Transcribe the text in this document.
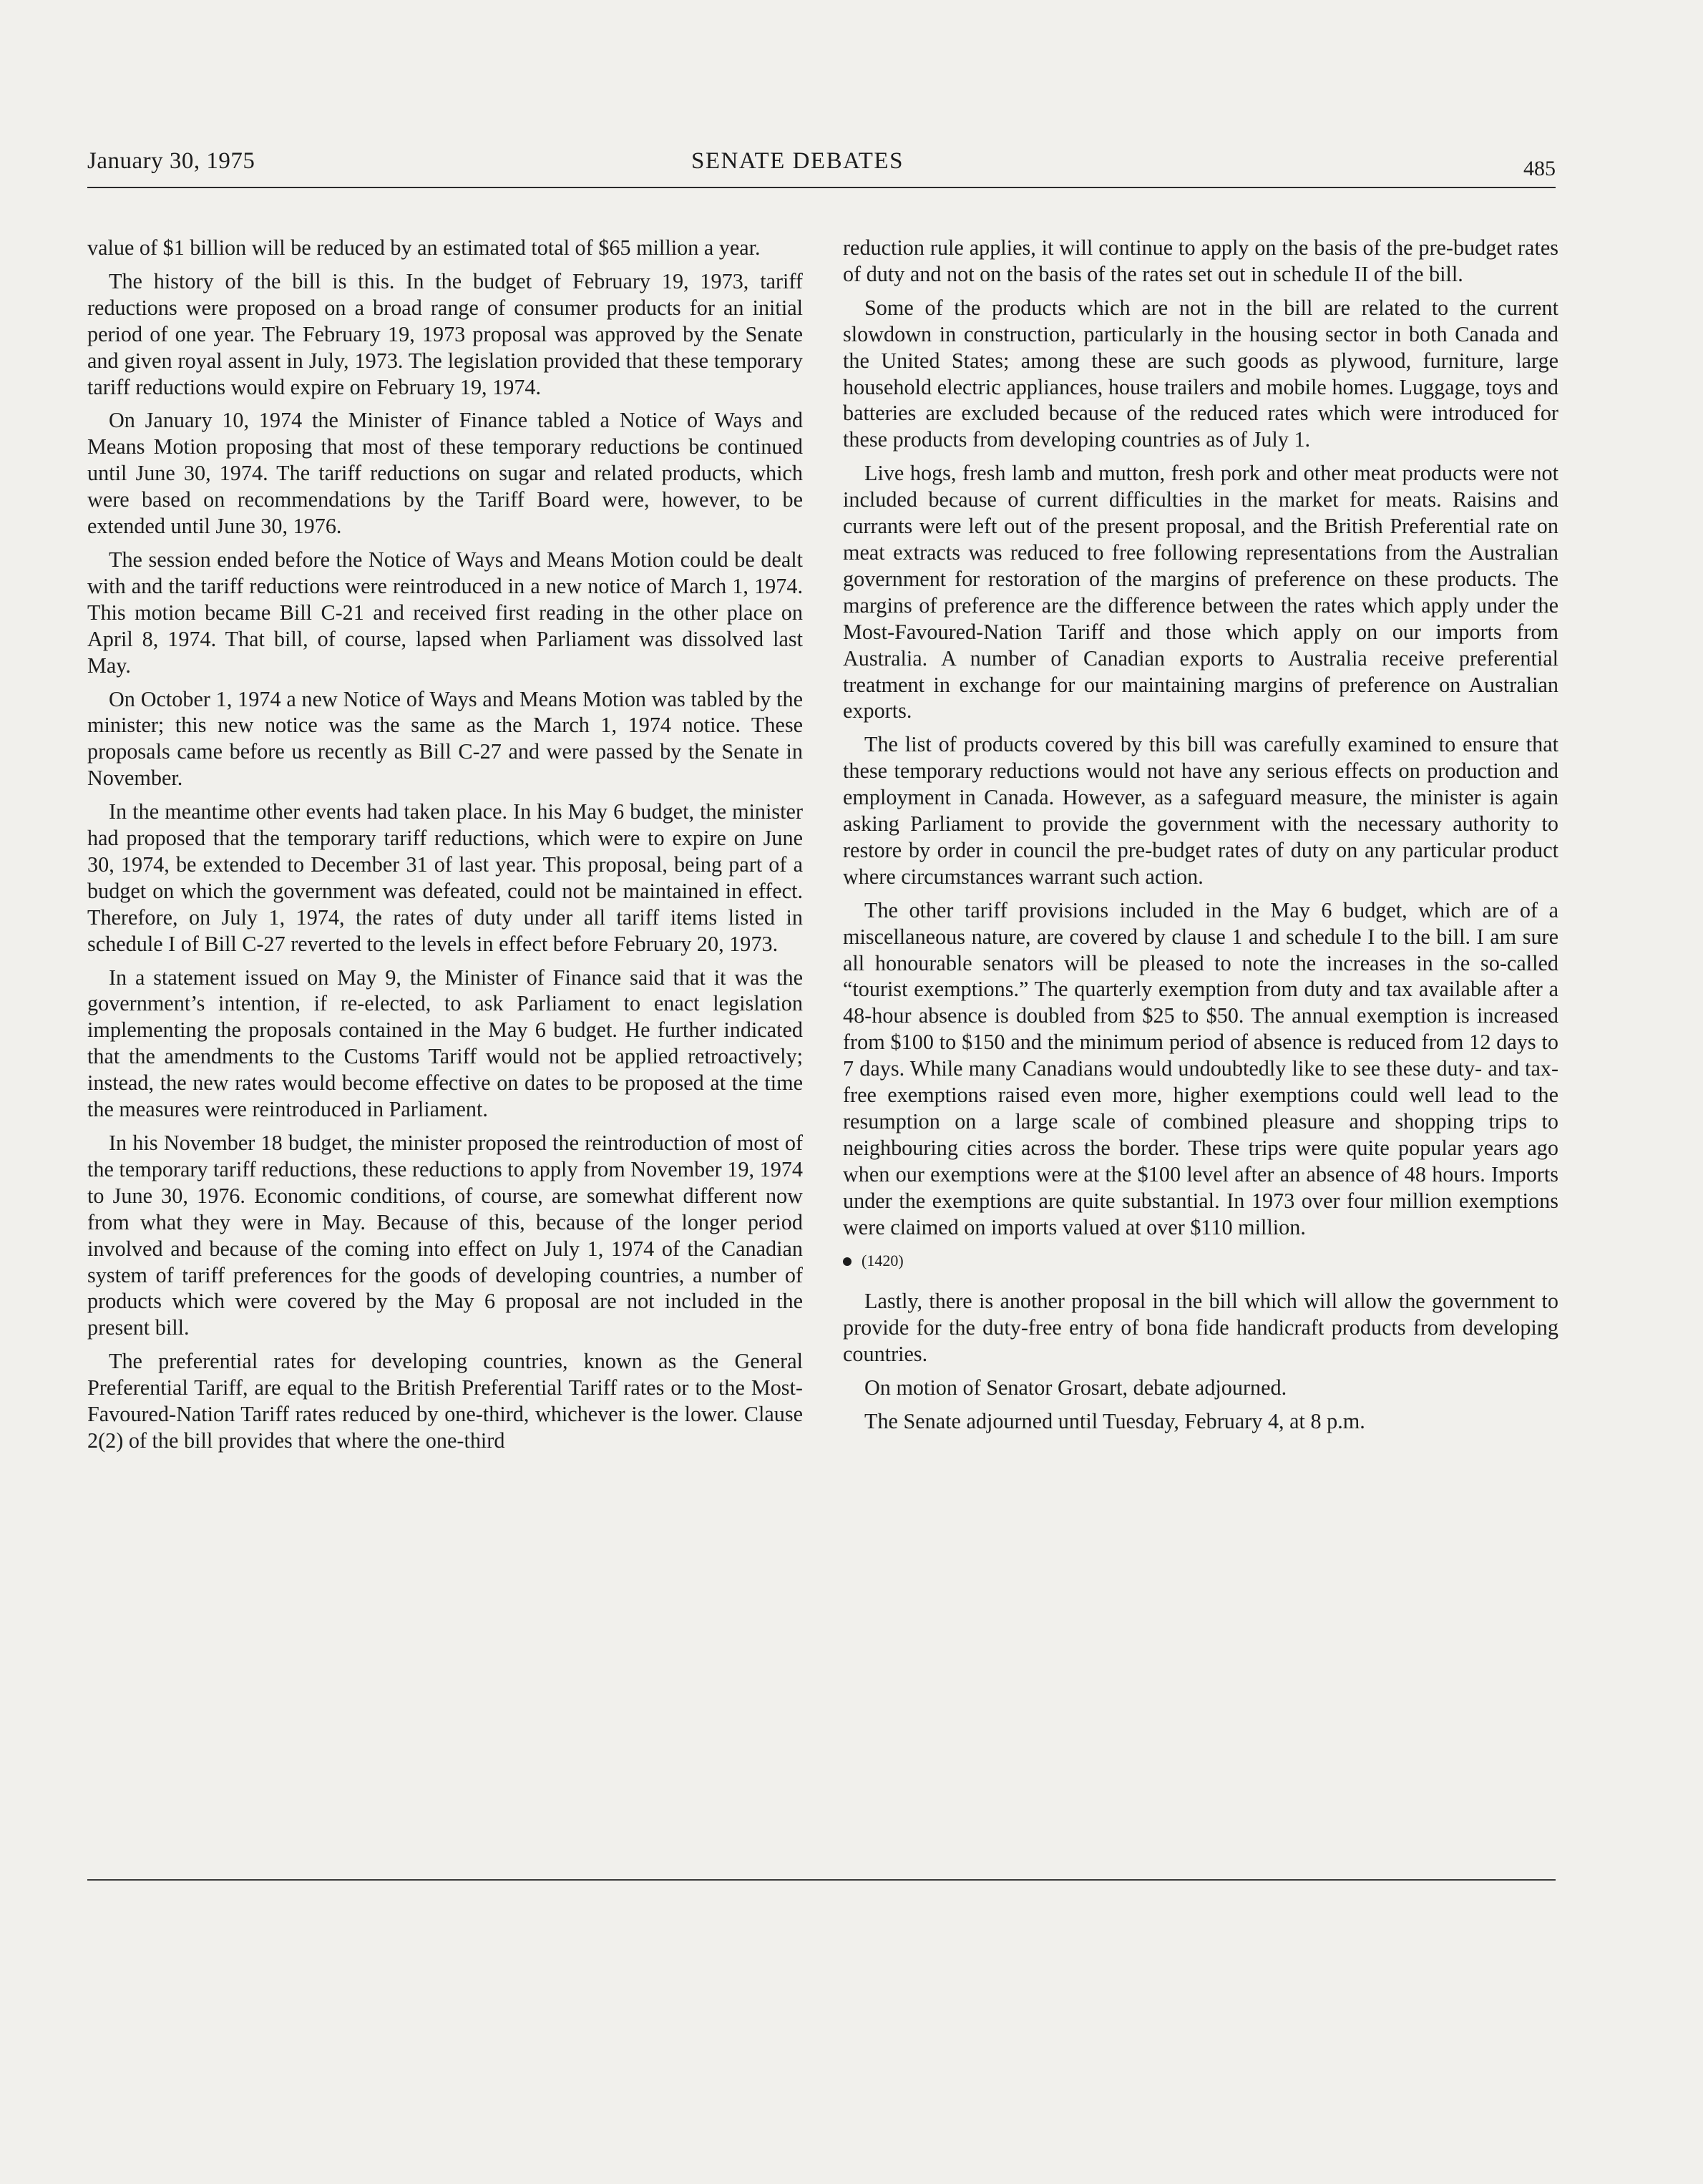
January 30, 1975	SENATE DEBATES	485

value of $1 billion will be reduced by an estimated total of $65 million a year.

The history of the bill is this. In the budget of February 19, 1973, tariff reductions were proposed on a broad range of consumer products for an initial period of one year. The February 19, 1973 proposal was approved by the Senate and given royal assent in July, 1973. The legislation provided that these temporary tariff reductions would expire on February 19, 1974.

On January 10, 1974 the Minister of Finance tabled a Notice of Ways and Means Motion proposing that most of these temporary reductions be continued until June 30, 1974. The tariff reductions on sugar and related products, which were based on recommendations by the Tariff Board were, however, to be extended until June 30, 1976.

The session ended before the Notice of Ways and Means Motion could be dealt with and the tariff reductions were reintroduced in a new notice of March 1, 1974. This motion became Bill C-21 and received first reading in the other place on April 8, 1974. That bill, of course, lapsed when Parliament was dissolved last May.

On October 1, 1974 a new Notice of Ways and Means Motion was tabled by the minister; this new notice was the same as the March 1, 1974 notice. These proposals came before us recently as Bill C-27 and were passed by the Senate in November.

In the meantime other events had taken place. In his May 6 budget, the minister had proposed that the temporary tariff reductions, which were to expire on June 30, 1974, be extended to December 31 of last year. This proposal, being part of a budget on which the government was defeated, could not be maintained in effect. Therefore, on July 1, 1974, the rates of duty under all tariff items listed in schedule I of Bill C-27 reverted to the levels in effect before February 20, 1973.

In a statement issued on May 9, the Minister of Finance said that it was the government’s intention, if re-elected, to ask Parliament to enact legislation implementing the proposals contained in the May 6 budget. He further indicated that the amendments to the Customs Tariff would not be applied retroactively; instead, the new rates would become effective on dates to be proposed at the time the measures were reintroduced in Parliament.

In his November 18 budget, the minister proposed the reintroduction of most of the temporary tariff reductions, these reductions to apply from November 19, 1974 to June 30, 1976. Economic conditions, of course, are somewhat different now from what they were in May. Because of this, because of the longer period involved and because of the coming into effect on July 1, 1974 of the Canadian system of tariff preferences for the goods of developing countries, a number of products which were covered by the May 6 proposal are not included in the present bill.

The preferential rates for developing countries, known as the General Preferential Tariff, are equal to the British Preferential Tariff rates or to the Most-Favoured-Nation Tariff rates reduced by one-third, whichever is the lower. Clause 2(2) of the bill provides that where the one-third

reduction rule applies, it will continue to apply on the basis of the pre-budget rates of duty and not on the basis of the rates set out in schedule II of the bill.

Some of the products which are not in the bill are related to the current slowdown in construction, particularly in the housing sector in both Canada and the United States; among these are such goods as plywood, furniture, large household electric appliances, house trailers and mobile homes. Luggage, toys and batteries are excluded because of the reduced rates which were introduced for these products from developing countries as of July 1.

Live hogs, fresh lamb and mutton, fresh pork and other meat products were not included because of current difficulties in the market for meats. Raisins and currants were left out of the present proposal, and the British Preferential rate on meat extracts was reduced to free following representations from the Australian government for restoration of the margins of preference on these products. The margins of preference are the difference between the rates which apply under the Most-Favoured-Nation Tariff and those which apply on our imports from Australia. A number of Canadian exports to Australia receive preferential treatment in exchange for our maintaining margins of preference on Australian exports.

The list of products covered by this bill was carefully examined to ensure that these temporary reductions would not have any serious effects on production and employment in Canada. However, as a safeguard measure, the minister is again asking Parliament to provide the government with the necessary authority to restore by order in council the pre-budget rates of duty on any particular product where circumstances warrant such action.

The other tariff provisions included in the May 6 budget, which are of a miscellaneous nature, are covered by clause 1 and schedule I to the bill. I am sure all honourable senators will be pleased to note the increases in the so-called “tourist exemptions.” The quarterly exemption from duty and tax available after a 48-hour absence is doubled from $25 to $50. The annual exemption is increased from $100 to $150 and the minimum period of absence is reduced from 12 days to 7 days. While many Canadians would undoubtedly like to see these duty- and tax-free exemptions raised even more, higher exemptions could well lead to the resumption on a large scale of combined pleasure and shopping trips to neighbouring cities across the border. These trips were quite popular years ago when our exemptions were at the $100 level after an absence of 48 hours. Imports under the exemptions are quite substantial. In 1973 over four million exemptions were claimed on imports valued at over $110 million.

(1420)

Lastly, there is another proposal in the bill which will allow the government to provide for the duty-free entry of bona fide handicraft products from developing countries.

On motion of Senator Grosart, debate adjourned.

The Senate adjourned until Tuesday, February 4, at 8 p.m.
